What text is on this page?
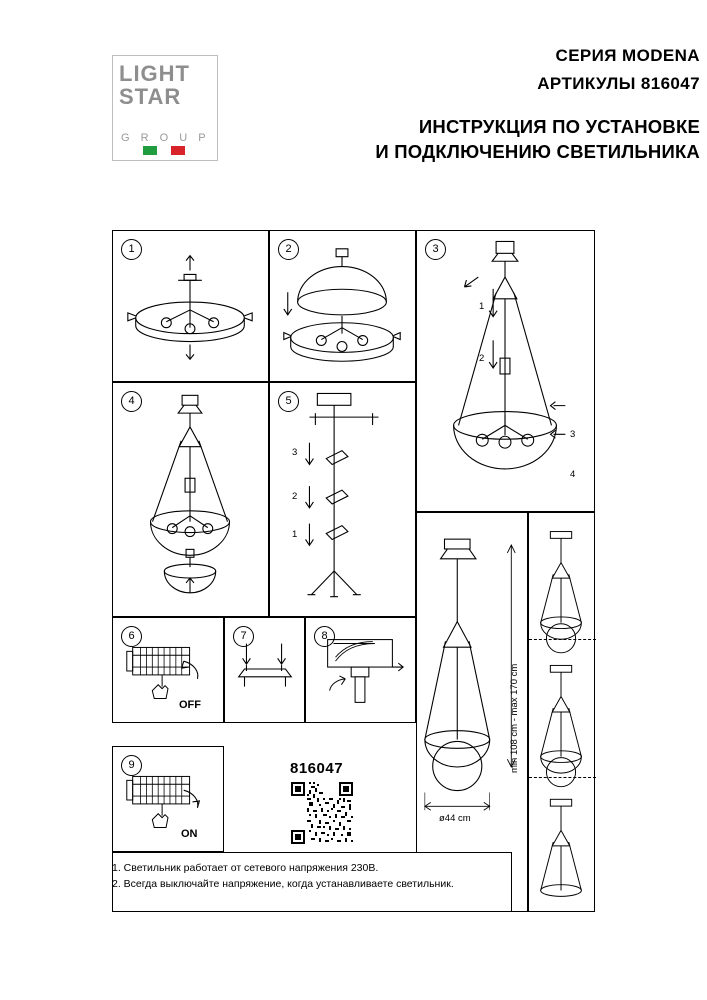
LIGHT
STAR
G R O U P
СЕРИЯ MODENA
АРТИКУЛЫ 816047
ИНСТРУКЦИЯ ПО УСТАНОВКЕ
И ПОДКЛЮЧЕНИЮ СВЕТИЛЬНИКА
1	2	3
1
2
3
4
4	5
3
2
1
6
OFF
7	8
9
ON
816047	min 108 cm - max 170 cm
ø44 cm
1. Светильник работает от сетевого напряжения 230В.
2. Всегда выключайте напряжение, когда устанавливаете светильник.
